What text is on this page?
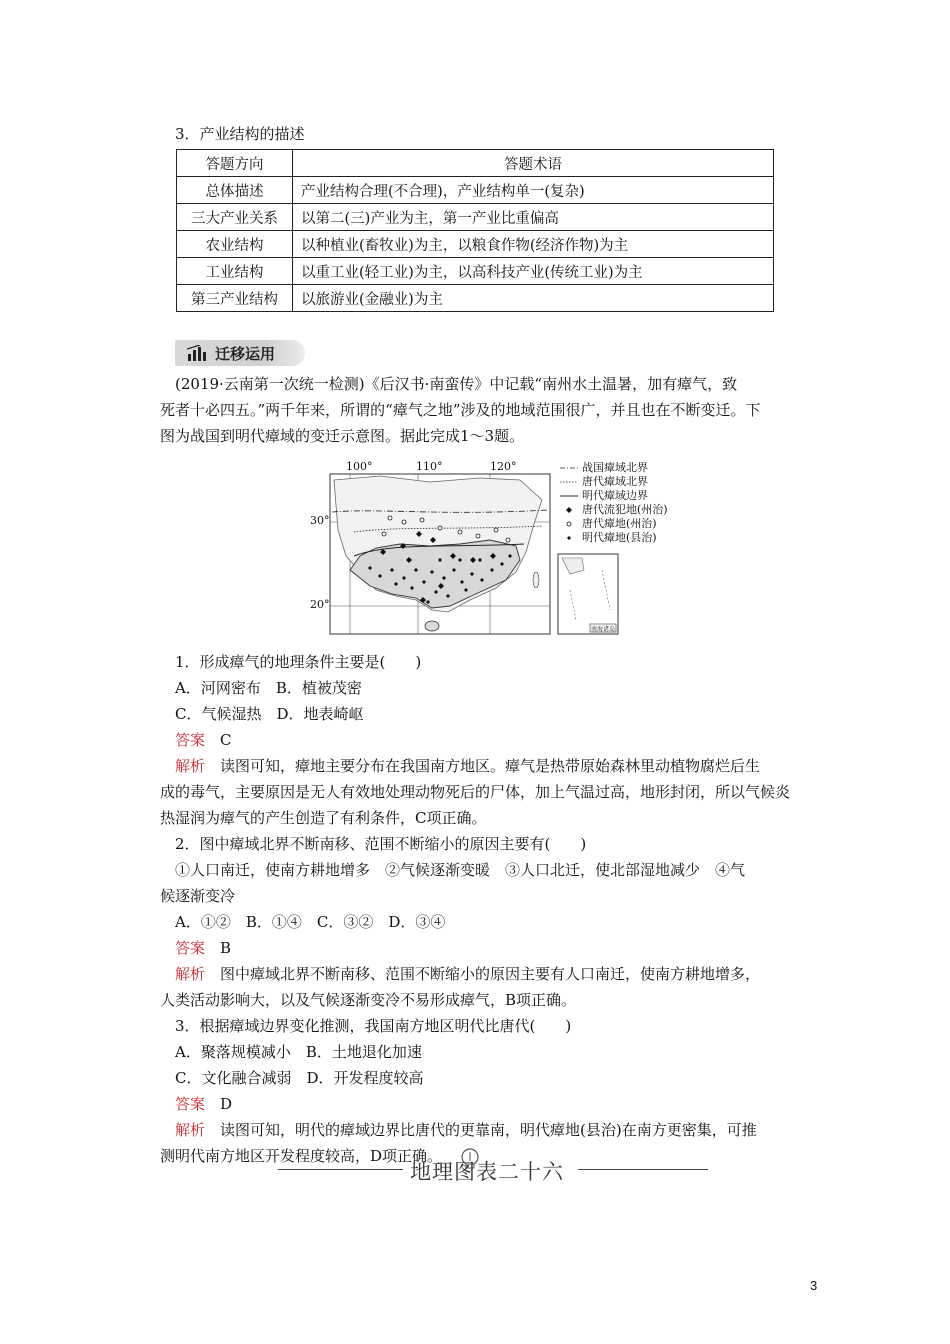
3．产业结构的描述
答题方向	答题术语
总体描述	产业结构合理(不合理)，产业结构单一(复杂)
三大产业关系	以第二(三)产业为主，第一产业比重偏高
农业结构	以种植业(畜牧业)为主，以粮食作物(经济作物)为主
工业结构	以重工业(轻工业)为主，以高科技产业(传统工业)为主
第三产业结构	以旅游业(金融业)为主
迁移运用
(2019·云南第一次统一检测)《后汉书·南蛮传》中记载“南州水土温暑，加有瘴气，致
死者十必四五。”两千年来，所谓的“瘴气之地”涉及的地域范围很广，并且也在不断变迁。下
图为战国到明代瘴域的变迁示意图。据此完成1～3题。
100°	110°	120°
30°
20°
南海诸岛
战国瘴域北界
唐代瘴域北界
明代瘴域边界
唐代流犯地(州治)
唐代瘴地(州治)
明代瘴地(县治)
1．形成瘴气的地理条件主要是(　　)
A．河网密布　B．植被茂密
C．气候湿热　D．地表崎岖
答案　 C
解析　 读图可知，瘴地主要分布在我国南方地区。瘴气是热带原始森林里动植物腐烂后生
成的毒气，主要原因是无人有效地处理动物死后的尸体，加上气温过高，地形封闭，所以气候炎
热湿润为瘴气的产生创造了有利条件，C项正确。
2．图中瘴域北界不断南移、范围不断缩小的原因主要有(　　)
①人口南迁，使南方耕地增多　②气候逐渐变暖　③人口北迁，使北部湿地减少　④气
候逐渐变冷
A．①②　B．①④　C．③②　D．③④
答案　 B
解析　 图中瘴域北界不断南移、范围不断缩小的原因主要有人口南迁，使南方耕地增多，
人类活动影响大，以及气候逐渐变冷不易形成瘴气，B项正确。
3．根据瘴域边界变化推测，我国南方地区明代比唐代(　　)
A．聚落规模减小　B．土地退化加速
C．文化融合减弱　D．开发程度较高
答案　 D
解析　 读图可知，明代的瘴域边界比唐代的更靠南，明代瘴地(县治)在南方更密集，可推
测明代南方地区开发程度较高，D项正确。
地理图表二十六
3
